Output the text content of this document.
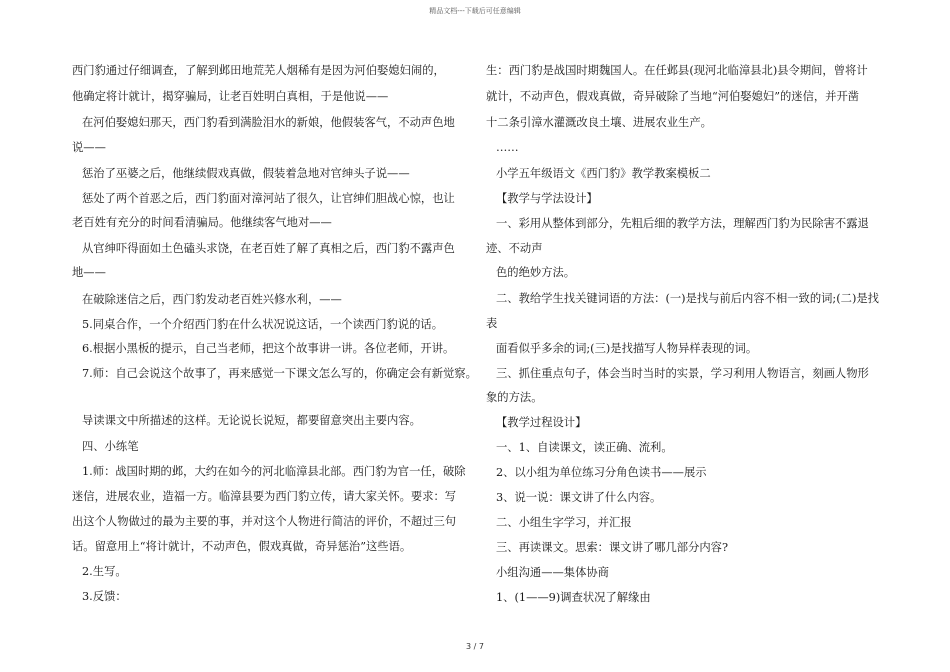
精品文档---下载后可任意编辑
西门豹通过仔细调查，了解到邺田地荒芜人烟稀有是因为河伯娶媳妇闹的，
他确定将计就计，揭穿骗局，让老百姓明白真相，于是他说——
在河伯娶媳妇那天，西门豹看到满脸泪水的新娘，他假装客气，不动声色地
说——
惩治了巫婆之后，他继续假戏真做，假装着急地对官绅头子说——
惩处了两个首恶之后，西门豹面对漳河站了很久，让官绅们胆战心惊，也让
老百姓有充分的时间看清骗局。他继续客气地对——
从官绅吓得面如土色磕头求饶，在老百姓了解了真相之后，西门豹不露声色
地——
在破除迷信之后，西门豹发动老百姓兴修水利，——
5.同桌合作，一个介绍西门豹在什么状况说这话，一个读西门豹说的话。
6.根据小黑板的提示，自己当老师，把这个故事讲一讲。各位老师，开讲。
7.师：自己会说这个故事了，再来感觉一下课文怎么写的，你确定会有新觉察。
导读课文中所描述的这样。无论说长说短，都要留意突出主要内容。
四、小练笔
1.师：战国时期的邺，大约在如今的河北临漳县北部。西门豹为官一任，破除
迷信，进展农业，造福一方。临漳县要为西门豹立传，请大家关怀。要求：写
出这个人物做过的最为主要的事，并对这个人物进行简洁的评价，不超过三句
话。留意用上“将计就计，不动声色，假戏真做，奇异惩治”这些语。
2.生写。
3.反馈：
生：西门豹是战国时期魏国人。在任邺县(现河北临漳县北)县令期间，曾将计
就计，不动声色，假戏真做，奇异破除了当地“河伯娶媳妇”的迷信，并开凿
十二条引漳水灌溉改良土壤、进展农业生产。
……
小学五年级语文《西门豹》教学教案模板二
【教学与学法设计】
一、彩用从整体到部分，先粗后细的教学方法，理解西门豹为民除害不露退
迹、不动声
色的绝妙方法。
二、教给学生找关键词语的方法：(一)是找与前后内容不相一致的词;(二)是找
表
面看似乎多余的词;(三)是找描写人物异样表现的词。
三、抓住重点句子，体会当时当时的实景，学习利用人物语言，刻画人物形
象的方法。
【教学过程设计】
一、1、自读课文，读正确、流利。
2、以小组为单位练习分角色读书——展示
3、说一说：课文讲了什么内容。
二、小组生字学习，并汇报
三、再读课文。思索：课文讲了哪几部分内容?
小组沟通——集体协商
1、(1——9)调查状况了解缘由
3 / 7
